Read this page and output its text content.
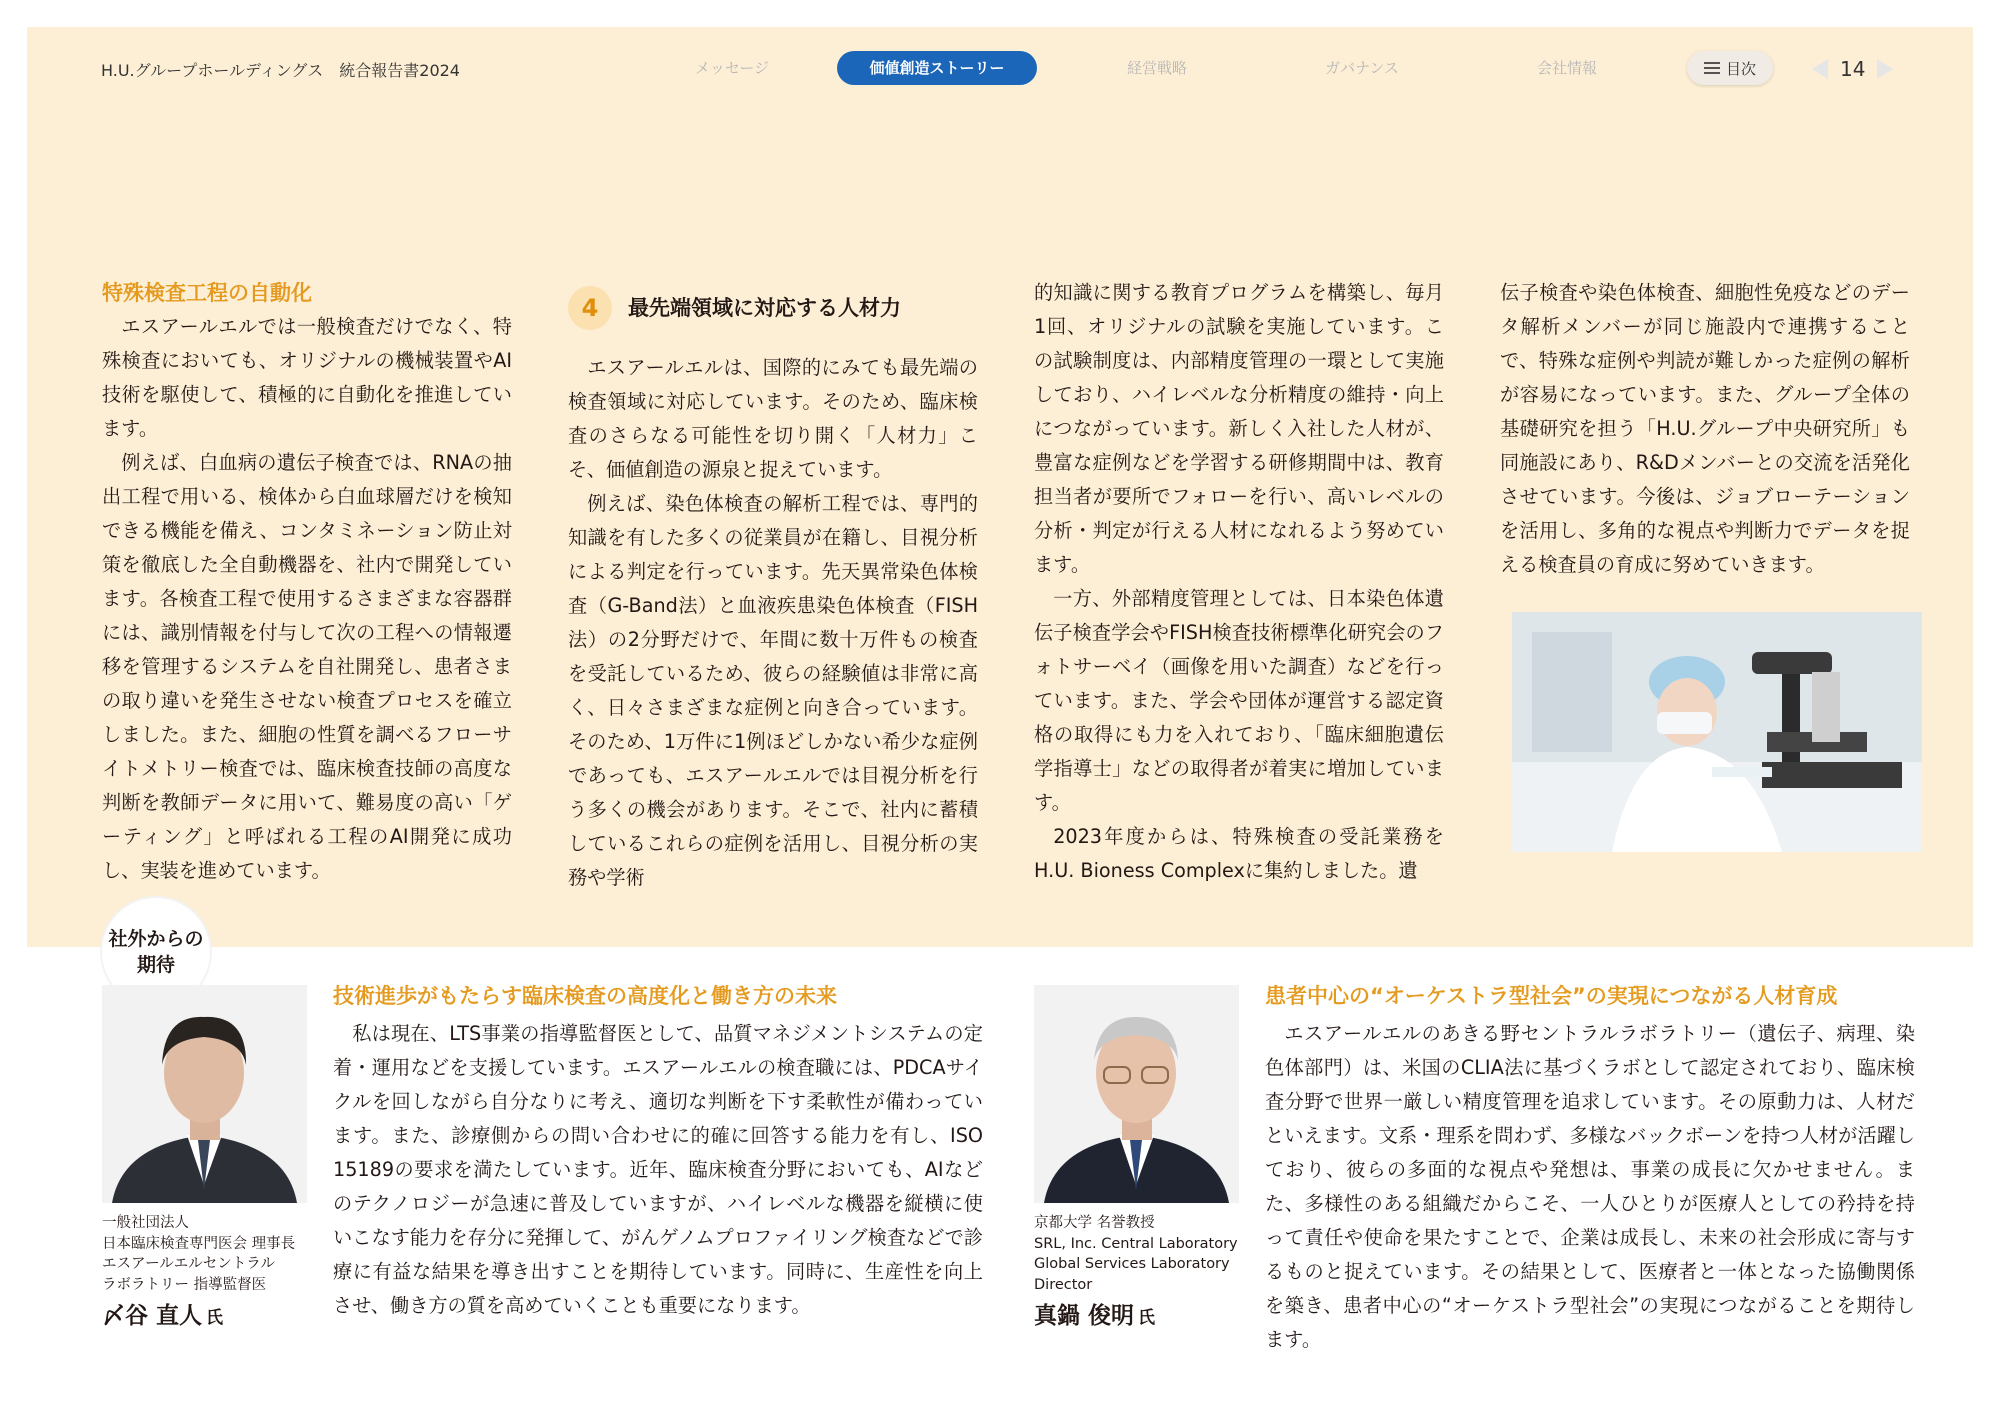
H.U.グループホールディングス　統合報告書2024	メッセージ	価値創造ストーリー	経営戦略	ガバナンス	会社情報	目次	14
特殊検査工程の自動化

エスアールエルでは一般検査だけでなく、特殊検査においても、オリジナルの機械装置やAI技術を駆使して、積極的に自動化を推進しています。

例えば、白血病の遺伝子検査では、RNAの抽出工程で用いる、検体から白血球層だけを検知できる機能を備え、コンタミネーション防止対策を徹底した全自動機器を、社内で開発しています。各検査工程で使用するさまざまな容器群には、識別情報を付与して次の工程への情報遷移を管理するシステムを自社開発し、患者さまの取り違いを発生させない検査プロセスを確立しました。また、細胞の性質を調べるフローサイトメトリー検査では、臨床検査技師の高度な判断を教師データに用いて、難易度の高い「ゲーティング」と呼ばれる工程のAI開発に成功し、実装を進めています。

4	最先端領域に対応する人材力

エスアールエルは、国際的にみても最先端の検査領域に対応しています。そのため、臨床検査のさらなる可能性を切り開く「人材力」こそ、価値創造の源泉と捉えています。

例えば、染色体検査の解析工程では、専門的知識を有した多くの従業員が在籍し、目視分析による判定を行っています。先天異常染色体検査（G-Band法）と血液疾患染色体検査（FISH法）の2分野だけで、年間に数十万件もの検査を受託しているため、彼らの経験値は非常に高く、日々さまざまな症例と向き合っています。そのため、1万件に1例ほどしかない希少な症例であっても、エスアールエルでは目視分析を行う多くの機会があります。そこで、社内に蓄積しているこれらの症例を活用し、目視分析の実務や学術

的知識に関する教育プログラムを構築し、毎月1回、オリジナルの試験を実施しています。この試験制度は、内部精度管理の一環として実施しており、ハイレベルな分析精度の維持・向上につながっています。新しく入社した人材が、豊富な症例などを学習する研修期間中は、教育担当者が要所でフォローを行い、高いレベルの分析・判定が行える人材になれるよう努めています。

一方、外部精度管理としては、日本染色体遺伝子検査学会やFISH検査技術標準化研究会のフォトサーベイ（画像を用いた調査）などを行っています。また、学会や団体が運営する認定資格の取得にも力を入れており、「臨床細胞遺伝学指導士」などの取得者が着実に増加しています。

2023年度からは、特殊検査の受託業務をH.U. Bioness Complexに集約しました。遺

伝子検査や染色体検査、細胞性免疫などのデータ解析メンバーが同じ施設内で連携することで、特殊な症例や判読が難しかった症例の解析が容易になっています。また、グループ全体の基礎研究を担う「H.U.グループ中央研究所」も同施設にあり、R&Dメンバーとの交流を活発化させています。今後は、ジョブローテーションを活用し、多角的な視点や判断力でデータを捉える検査員の育成に努めていきます。

社外からの期待
一般社団法人
日本臨床検査専門医会 理事長
エスアールエルセントラル
ラボラトリー 指導監督医
〆谷 直人 氏
技術進歩がもたらす臨床検査の高度化と働き方の未来
私は現在、LTS事業の指導監督医として、品質マネジメントシステムの定着・運用などを支援しています。エスアールエルの検査職には、PDCAサイクルを回しながら自分なりに考え、適切な判断を下す柔軟性が備わっています。また、診療側からの問い合わせに的確に回答する能力を有し、ISO 15189の要求を満たしています。近年、臨床検査分野においても、AIなどのテクノロジーが急速に普及していますが、ハイレベルな機器を縦横に使いこなす能力を存分に発揮して、がんゲノムプロファイリング検査などで診療に有益な結果を導き出すことを期待しています。同時に、生産性を向上させ、働き方の質を高めていくことも重要になります。
京都大学 名誉教授
SRL, Inc. Central Laboratory
Global Services Laboratory
Director
真鍋 俊明 氏
患者中心の“オーケストラ型社会”の実現につながる人材育成
エスアールエルのあきる野セントラルラボラトリー（遺伝子、病理、染色体部門）は、米国のCLIA法に基づくラボとして認定されており、臨床検査分野で世界一厳しい精度管理を追求しています。その原動力は、人材だといえます。文系・理系を問わず、多様なバックボーンを持つ人材が活躍しており、彼らの多面的な視点や発想は、事業の成長に欠かせません。また、多様性のある組織だからこそ、一人ひとりが医療人としての矜持を持って責任や使命を果たすことで、企業は成長し、未来の社会形成に寄与するものと捉えています。その結果として、医療者と一体となった協働関係を築き、患者中心の“オーケストラ型社会”の実現につながることを期待します。
